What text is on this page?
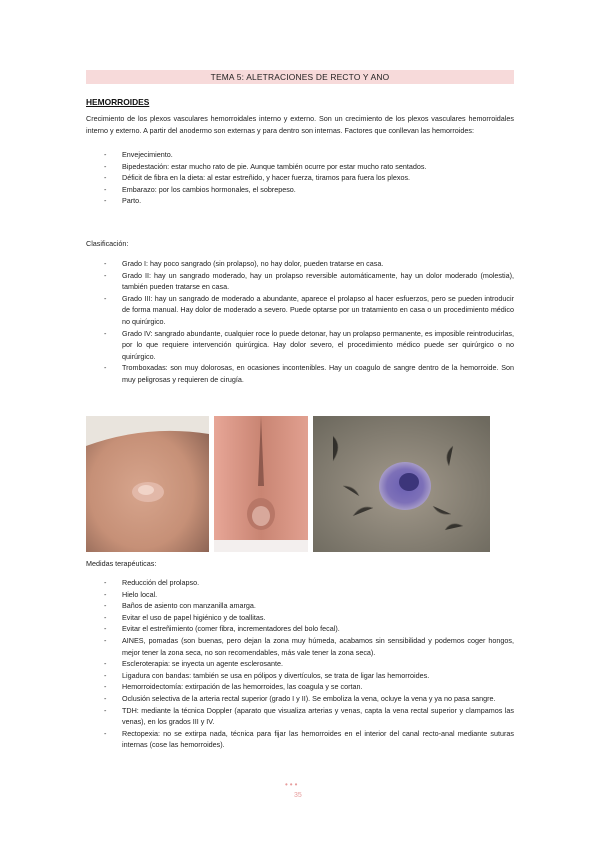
TEMA 5: ALETRACIONES DE RECTO Y ANO
HEMORROIDES
Crecimiento de los plexos vasculares hemorroidales interno y externo. Son un crecimiento de los plexos vasculares hemorroidales interno y externo. A partir del anodermo son externas y para dentro son internas. Factores que conllevan las hemorroides:
- Envejecimiento.
- Bipedestación: estar mucho rato de pie. Aunque también ocurre por estar mucho rato sentados.
- Déficit de fibra en la dieta: al estar estreñido, y hacer fuerza, tiramos para fuera los plexos.
- Embarazo: por los cambios hormonales, el sobrepeso.
- Parto.
Clasificación:
- Grado I: hay poco sangrado (sin prolapso), no hay dolor, pueden tratarse en casa.
- Grado II: hay un sangrado moderado, hay un prolapso reversible automáticamente, hay un dolor moderado (molestia), también pueden tratarse en casa.
- Grado III: hay un sangrado de moderado a abundante, aparece el prolapso al hacer esfuerzos, pero se pueden introducir de forma manual. Hay dolor de moderado a severo. Puede optarse por un tratamiento en casa o un procedimiento médico no quirúrgico.
- Grado IV: sangrado abundante, cualquier roce lo puede detonar, hay un prolapso permanente, es imposible reintroducirlas, por lo que requiere intervención quirúrgica. Hay dolor severo, el procedimiento médico puede ser quirúrgico o no quirúrgico.
- Tromboxadas: son muy dolorosas, en ocasiones incontenibles. Hay un coagulo de sangre dentro de la hemorroide. Son muy peligrosas y requieren de cirugía.
Medidas terapéuticas:
- Reducción del prolapso.
- Hielo local.
- Baños de asiento con manzanilla amarga.
- Evitar el uso de papel higiénico y de toallitas.
- Evitar el estreñimiento (comer fibra, incrementadores del bolo fecal).
- AINES, pomadas (son buenas, pero dejan la zona muy húmeda, acabamos sin sensibilidad y podemos coger hongos, mejor tener la zona seca, no son recomendables, más vale tener la zona seca).
- Escleroterapia: se inyecta un agente esclerosante.
- Ligadura con bandas: también se usa en pólipos y divertículos, se trata de ligar las hemorroides.
- Hemorroidectomía: extirpación de las hemorroides, las coagula y se cortan.
- Oclusión selectiva de la arteria rectal superior (grado I y II). Se emboliza la vena, ocluye la vena y ya no pasa sangre.
- TDH: mediante la técnica Doppler (aparato que visualiza arterias y venas, capta la vena rectal superior y clampamos las venas), en los grados III y IV.
- Rectopexia: no se extirpa nada, técnica para fijar las hemorroides en el interior del canal recto-anal mediante suturas internas (cose las hemorroides).
•••
35
